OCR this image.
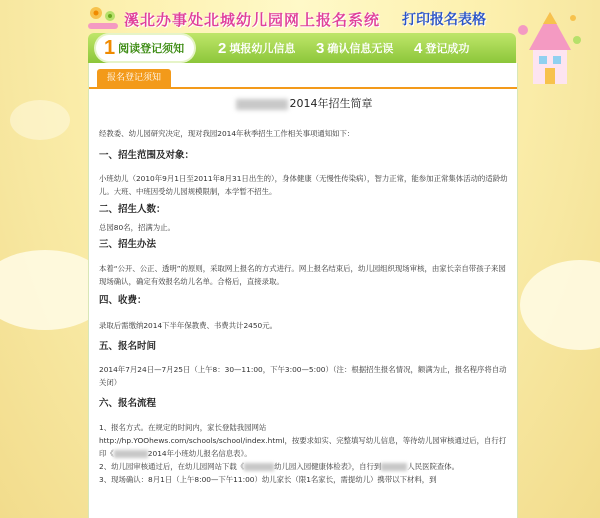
溪北办事处北城幼儿园网上报名系统 打印报名表格
1 阅读登记须知 2 填报幼儿信息 3 确认信息无误 4 登记成功
报名登记须知
2014年招生简章
经教委、幼儿园研究决定，现对我园2014年秋季招生工作相关事项通知如下：
一、招生范围及对象：
小班幼儿（2010年9月1日至2011年8月31日出生的），身体健康（无慢性传染病），智力正常，能参加正常集体活动的适龄幼儿。大班、中班因受幼儿园规模限制，本学暂不招生。
二、招生人数：
总园80名，招满为止。
三、招生办法
本着“公开、公正、透明”的原则，采取网上报名的方式进行。网上报名结束后，幼儿园组织现场审核，由家长亲自带孩子来园现场确认，确定有效报名幼儿名单。合格后，直接录取。
四、收费：
录取后需缴纳2014下半年保教费、书费共计2450元。
五、报名时间
2014年7月24日—7月25日（上午8：30—11:00，下午3:00—5:00）（注：根据招生报名情况，额满为止，报名程序将自动关闭）
六、报名流程
1、报名方式。在规定的时间内，家长登陆我园网站
http://hp.YOOhews.com/schools/school/index.html，按要求如实、完整填写幼儿信息，等待幼儿园审核通过后，自行打印《	2014年小班幼儿报名信息表》。
2、幼儿园审核通过后，在幼儿园网站下载《	幼儿园入园健康体检表》，自行到	人民医院查体。
3、现场确认：8月1日（上午8:00—下午11:00）幼儿家长（限1名家长，需提幼儿）携带以下材料，到
